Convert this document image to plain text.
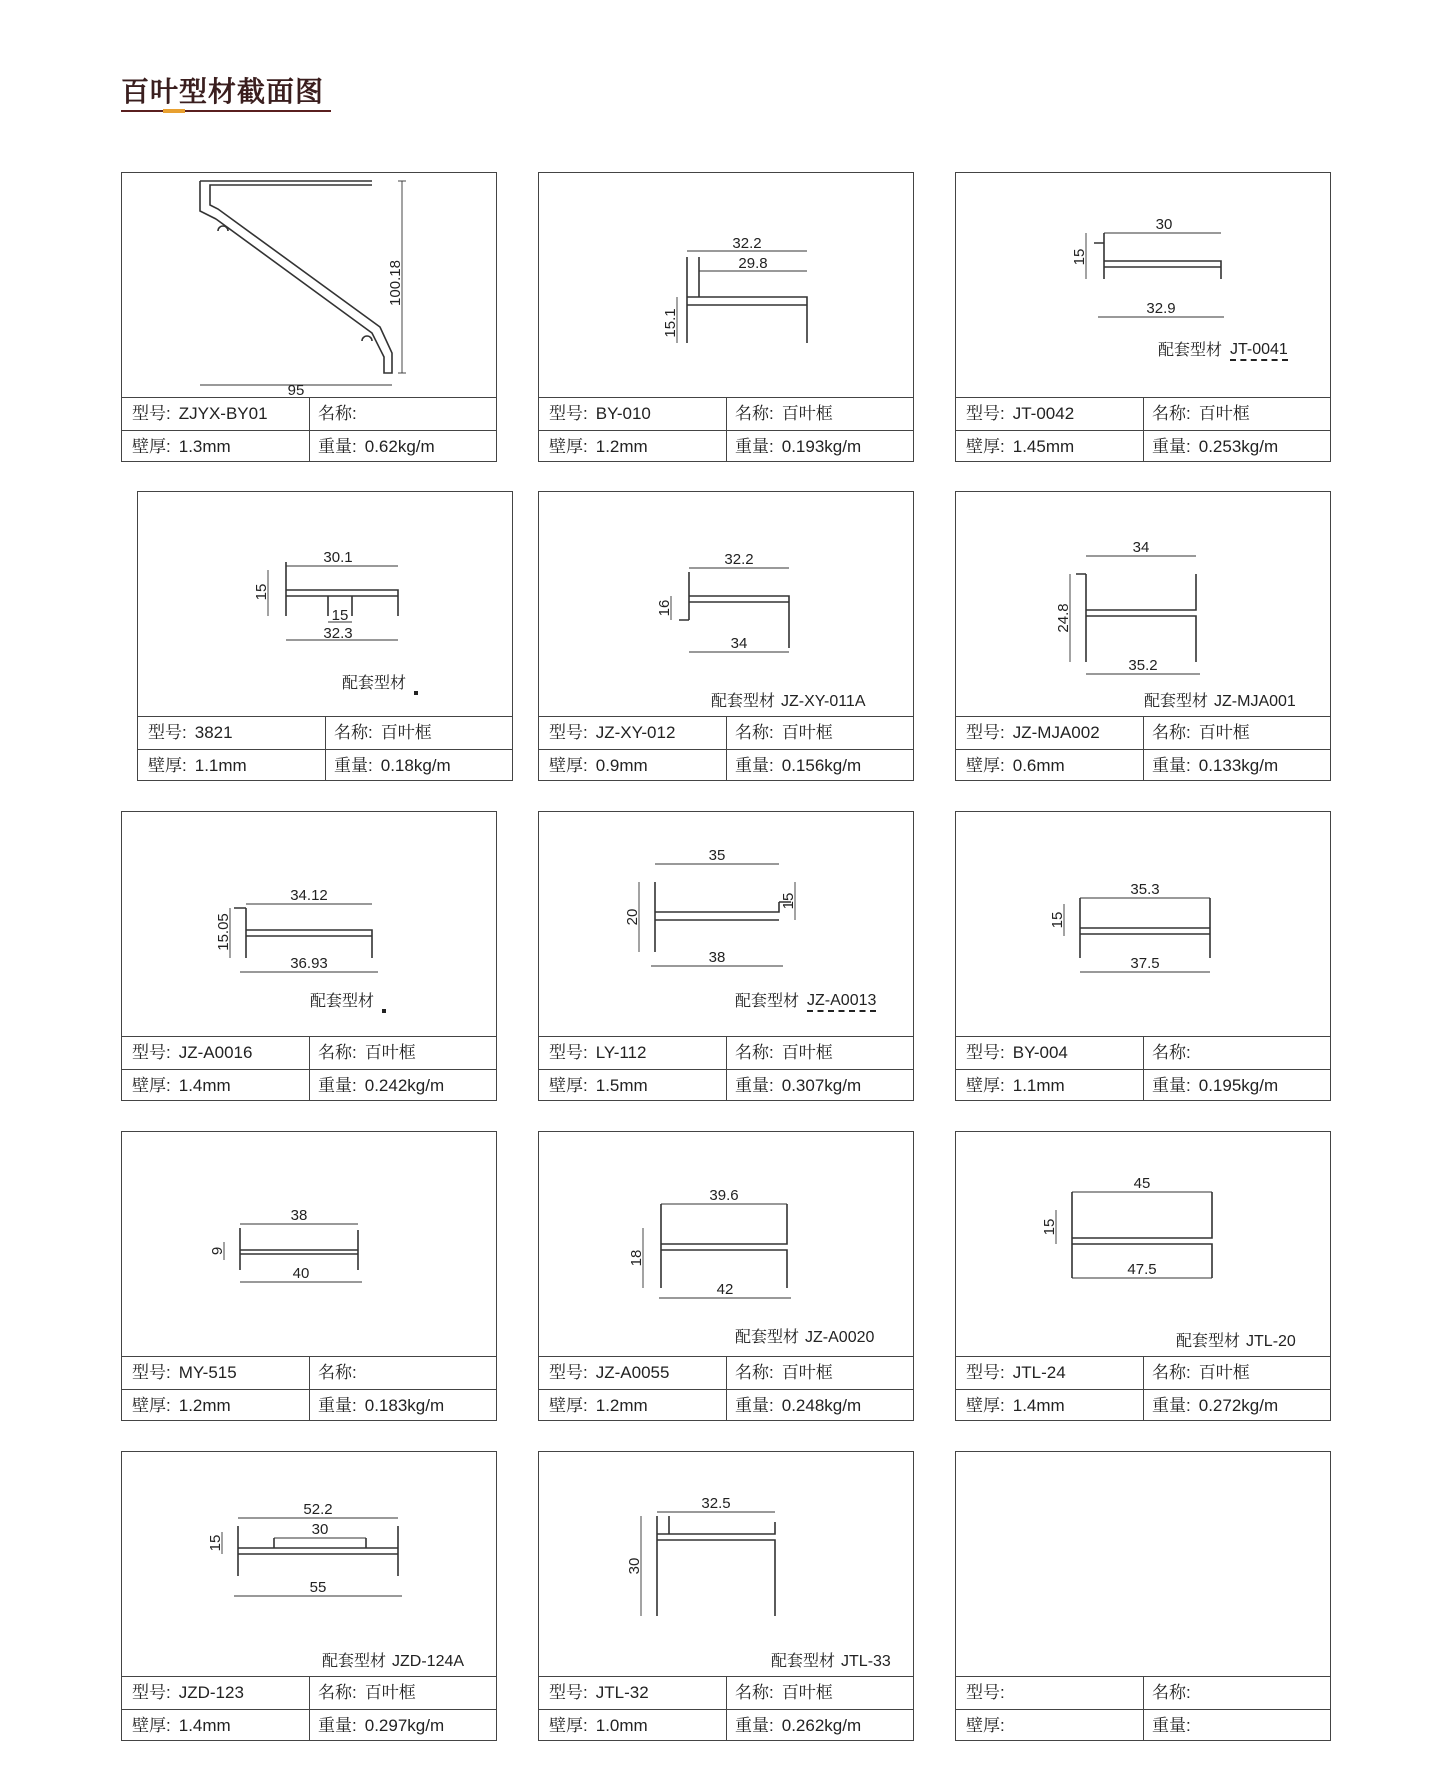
百叶型材截面图
100.18
95
型号: ZJYX-BY01	名称:
壁厚: 1.3mm	重量: 0.62kg/m
32.2
29.8
15.1
型号: BY-010	名称: 百叶框
壁厚: 1.2mm	重量: 0.193kg/m
30
15
32.9
配套型材 JT-0041
型号: JT-0042	名称: 百叶框
壁厚: 1.45mm	重量: 0.253kg/m
30.1
15
15
32.3
配套型材

型号: 3821	名称: 百叶框
壁厚: 1.1mm	重量: 0.18kg/m
32.2
16
34
配套型材 JZ-XY-011A
型号: JZ-XY-012	名称: 百叶框
壁厚: 0.9mm	重量: 0.156kg/m
34
24.8
35.2
配套型材 JZ-MJA001
型号: JZ-MJA002	名称: 百叶框
壁厚: 0.6mm	重量: 0.133kg/m
34.12
15.05
36.93
配套型材

型号: JZ-A0016	名称: 百叶框
壁厚: 1.4mm	重量: 0.242kg/m
35
20
15
38
配套型材 JZ-A0013
型号: LY-112	名称: 百叶框
壁厚: 1.5mm	重量: 0.307kg/m
35.3
15
37.5
型号: BY-004	名称:
壁厚: 1.1mm	重量: 0.195kg/m
38
9
40
型号: MY-515	名称:
壁厚: 1.2mm	重量: 0.183kg/m
39.6
18
42
配套型材 JZ-A0020
型号: JZ-A0055	名称: 百叶框
壁厚: 1.2mm	重量: 0.248kg/m
45
15
47.5
配套型材 JTL-20
型号: JTL-24	名称: 百叶框
壁厚: 1.4mm	重量: 0.272kg/m
52.2
30
15
55
配套型材 JZD-124A
型号: JZD-123	名称: 百叶框
壁厚: 1.4mm	重量: 0.297kg/m
32.5
30
配套型材 JTL-33
型号: JTL-32	名称: 百叶框
壁厚: 1.0mm	重量: 0.262kg/m
型号:	名称:
壁厚:	重量:
